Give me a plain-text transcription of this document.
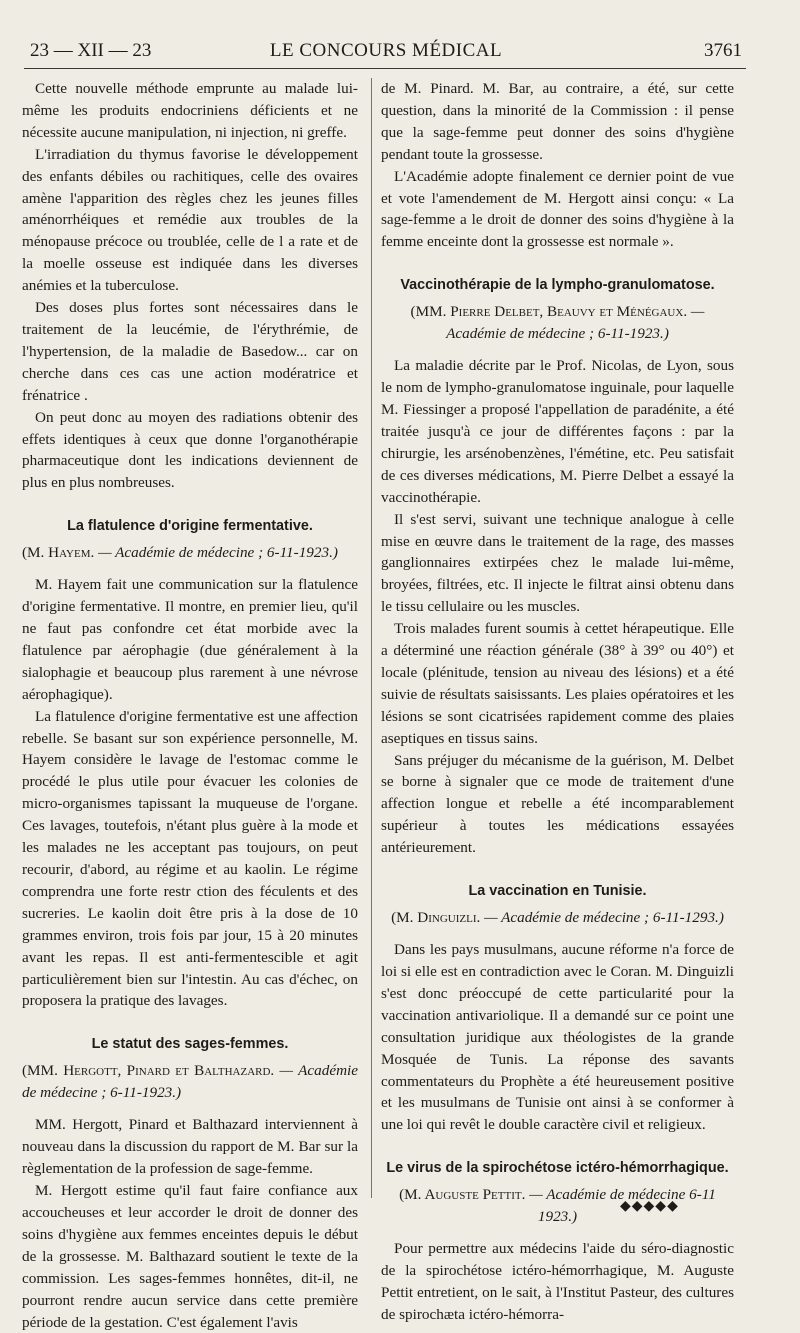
23 — XII — 23	LE CONCOURS MÉDICAL	3761

Cette nouvelle méthode emprunte au malade lui-même les produits endocriniens déficients et ne nécessite aucune manipulation, ni injection, ni greffe.

L'irradiation du thymus favorise le développement des enfants débiles ou rachitiques, celle des ovaires amène l'apparition des règles chez les jeunes filles aménorrhéiques et remédie aux troubles de la ménopause précoce ou troublée, celle de l a rate et de la moelle osseuse est indiquée dans les diverses anémies et la tuberculose.

Des doses plus fortes sont nécessaires dans le traitement de la leucémie, de l'érythrémie, de l'hypertension, de la maladie de Basedow... car on cherche dans ces cas une action modératrice et frénatrice .

On peut donc au moyen des radiations obtenir des effets identiques à ceux que donne l'organothérapie pharmaceutique dont les indications deviennent de plus en plus nombreuses.

La flatulence d'origine fermentative.

(M. Hayem. — Académie de médecine ; 6-11-1923.)

M. Hayem fait une communication sur la flatulence d'origine fermentative. Il montre, en premier lieu, qu'il ne faut pas confondre cet état morbide avec la flatulence par aérophagie (due généralement à la sialophagie et beaucoup plus rarement à une névrose aérophagique).

La flatulence d'origine fermentative est une affection rebelle. Se basant sur son expérience personnelle, M. Hayem considère le lavage de l'estomac comme le procédé le plus utile pour évacuer les colonies de micro-organismes tapissant la muqueuse de l'organe. Ces lavages, toutefois, n'étant plus guère à la mode et les malades ne les acceptant pas toujours, on peut recourir, d'abord, au régime et au kaolin. Le régime comprendra une forte restr ction des féculents et des sucreries. Le kaolin doit être pris à la dose de 10 grammes environ, trois fois par jour, 15 à 20 minutes avant les repas. Il est anti-fermentescible et agit particulièrement bien sur l'intestin. Au cas d'échec, on proposera la pratique des lavages.

Le statut des sages-femmes.

(MM. Hergott, Pinard et Balthazard. — Académie de médecine ; 6-11-1923.)

MM. Hergott, Pinard et Balthazard interviennent à nouveau dans la discussion du rapport de M. Bar sur la règlementation de la profession de sage-femme.

M. Hergott estime qu'il faut faire confiance aux accoucheuses et leur accorder le droit de donner des soins d'hygiène aux femmes enceintes depuis le début de la grossesse. M. Balthazard soutient le texte de la commission. Les sages-femmes honnêtes, dit-il, ne pourront rendre aucun service dans cette première période de la gestation. C'est également l'avis

de M. Pinard. M. Bar, au contraire, a été, sur cette question, dans la minorité de la Commission : il pense que la sage-femme peut donner des soins d'hygiène pendant toute la grossesse.

L'Académie adopte finalement ce dernier point de vue et vote l'amendement de M. Hergott ainsi conçu: « La sage-femme a le droit de donner des soins d'hygiène à la femme enceinte dont la grossesse est normale ».

Vaccinothérapie de la lympho-granulomatose.

(MM. Pierre Delbet, Beauvy et Ménégaux. — Académie de médecine ; 6-11-1923.)

La maladie décrite par le Prof. Nicolas, de Lyon, sous le nom de lympho-granulomatose inguinale, pour laquelle M. Fiessinger a proposé l'appellation de paradénite, a été traitée jusqu'à ce jour de différentes façons : par la chirurgie, les arsénobenzènes, l'émétine, etc. Peu satisfait de ces diverses médications, M. Pierre Delbet a essayé la vaccinothérapie.

Il s'est servi, suivant une technique analogue à celle mise en œuvre dans le traitement de la rage, des masses ganglionnaires extirpées chez le malade lui-même, broyées, filtrées, etc. Il injecte le filtrat ainsi obtenu dans le tissu cellulaire ou les muscles.

Trois malades furent soumis à cettet hérapeutique. Elle a déterminé une réaction générale (38° à 39° ou 40°) et locale (plénitude, tension au niveau des lésions) et a été suivie de résultats saisissants. Les plaies opératoires et les lésions se sont cicatrisées rapidement comme des plaies aseptiques en tissus sains.

Sans préjuger du mécanisme de la guérison, M. Delbet se borne à signaler que ce mode de traitement d'une affection longue et rebelle a été incomparablement supérieur à toutes les médications essayées antérieurement.

La vaccination en Tunisie.

(M. Dinguizli. — Académie de médecine ; 6-11-1293.)

Dans les pays musulmans, aucune réforme n'a force de loi si elle est en contradiction avec le Coran. M. Dinguizli s'est donc préoccupé de cette particularité pour la vaccination antivariolique. Il a demandé sur ce point une consultation juridique aux théologistes de la grande Mosquée de Tunis. La réponse des savants commentateurs du Prophète a été heureusement positive et les musulmans de Tunisie ont ainsi à se conformer à une loi qui revêt le double caractère civil et religieux.

Le virus de la spirochétose ictéro-hémorrhagique.

(M. Auguste Pettit. — Académie de médecine 6-11 1923.)

Pour permettre aux médecins l'aide du séro-diagnostic de la spirochétose ictéro-hémorrhagique, M. Auguste Pettit entretient, on le sait, à l'Institut Pasteur, des cultures de spirochæta ictéro-hémorra-

◆◆◆◆◆
